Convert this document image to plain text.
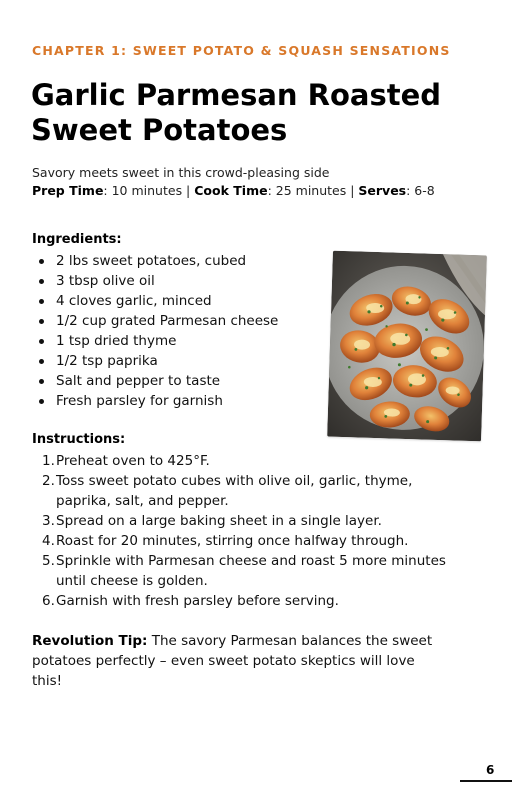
CHAPTER 1: SWEET POTATO & SQUASH SENSATIONS
Garlic Parmesan Roasted Sweet Potatoes
Savory meets sweet in this crowd-pleasing side
Prep Time: 10 minutes | Cook Time: 25 minutes | Serves: 6-8
Ingredients:
2 lbs sweet potatoes, cubed
3 tbsp olive oil
4 cloves garlic, minced
1/2 cup grated Parmesan cheese
1 tsp dried thyme
1/2 tsp paprika
Salt and pepper to taste
Fresh parsley for garnish
Instructions:
1. Preheat oven to 425°F.
2. Toss sweet potato cubes with olive oil, garlic, thyme, paprika, salt, and pepper.
3. Spread on a large baking sheet in a single layer.
4. Roast for 20 minutes, stirring once halfway through.
5. Sprinkle with Parmesan cheese and roast 5 more minutes until cheese is golden.
6. Garnish with fresh parsley before serving.
Revolution Tip: The savory Parmesan balances the sweet potatoes perfectly – even sweet potato skeptics will love this!
6
